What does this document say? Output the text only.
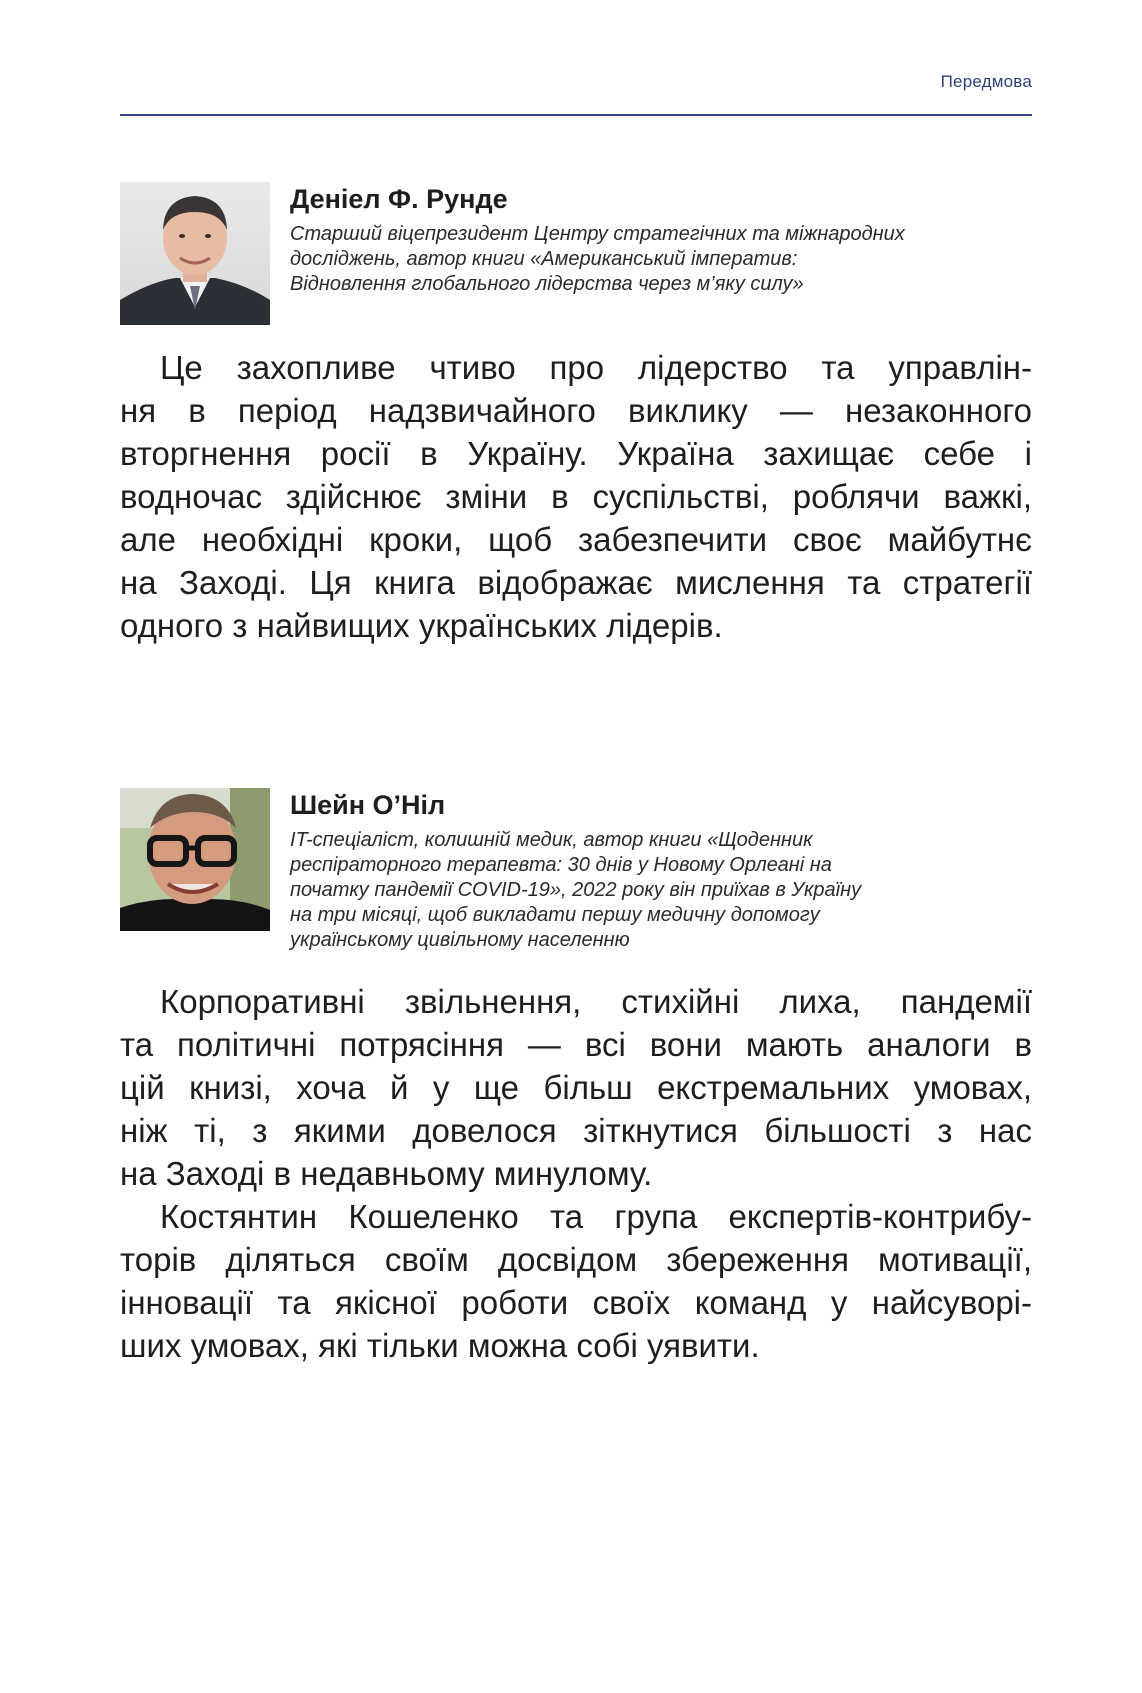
Передмова

Деніел Ф. Рунде

Старший віцепрезидент Центру стратегічних та міжнародних
досліджень, автор книги «Американський імператив:
Відновлення глобального лідерства через м’яку силу»
Це захопливе чтиво про лідерство та управлін-
ня в період надзвичайного виклику — незаконного
вторгнення росії в Україну. Україна захищає себе і
водночас здійснює зміни в суспільстві, роблячи важкі,
але необхідні кроки, щоб забезпечити своє майбутнє
на Заході. Ця книга відображає мислення та стратегії
одного з найвищих українських лідерів.

Шейн О’Ніл

IT-спеціаліст, колишній медик, автор книги «Щоденник
респіраторного терапевта: 30 днів у Новому Орлеані на
початку пандемії COVID-19», 2022 року він приїхав в Україну
на три місяці, щоб викладати першу медичну допомогу
українському цивільному населенню
Корпоративні звільнення, стихійні лиха, пандемії
та політичні потрясіння — всі вони мають аналоги в
цій книзі, хоча й у ще більш екстремальних умовах,
ніж ті, з якими довелося зіткнутися більшості з нас
на Заході в недавньому минулому.
Костянтин Кошеленко та група експертів-контрибу-
торів діляться своїм досвідом збереження мотивації,
інновації та якісної роботи своїх команд у найсуворі-
ших умовах, які тільки можна собі уявити.
